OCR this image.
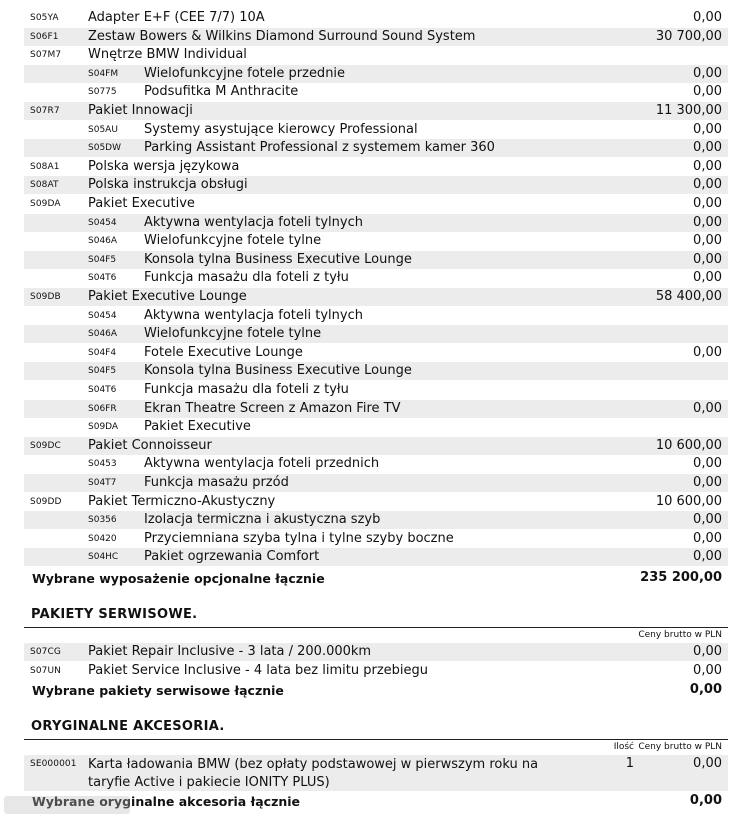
S05YA Adapter E+F (CEE 7/7) 10A	0,00
S06F1 Zestaw Bowers & Wilkins Diamond Surround Sound System	30 700,00
S07M7 Wnętrze BMW Individual
S04FM Wielofunkcyjne fotele przednie	0,00
S0775 Podsufitka M Anthracite	0,00
S07R7 Pakiet Innowacji	11 300,00
S05AU Systemy asystujące kierowcy Professional	0,00
S05DW Parking Assistant Professional z systemem kamer 360	0,00
S08A1 Polska wersja językowa	0,00
S08AT Polska instrukcja obsługi	0,00
S09DA Pakiet Executive	0,00
S0454 Aktywna wentylacja foteli tylnych	0,00
S046A Wielofunkcyjne fotele tylne	0,00
S04F5 Konsola tylna Business Executive Lounge	0,00
S04T6 Funkcja masażu dla foteli z tyłu	0,00
S09DB Pakiet Executive Lounge	58 400,00
S0454 Aktywna wentylacja foteli tylnych
S046A Wielofunkcyjne fotele tylne
S04F4 Fotele Executive Lounge	0,00
S04F5 Konsola tylna Business Executive Lounge
S04T6 Funkcja masażu dla foteli z tyłu
S06FR Ekran Theatre Screen z Amazon Fire TV	0,00
S09DA Pakiet Executive
S09DC Pakiet Connoisseur	10 600,00
S0453 Aktywna wentylacja foteli przednich	0,00
S04T7 Funkcja masażu przód	0,00
S09DD Pakiet Termiczno-Akustyczny	10 600,00
S0356 Izolacja termiczna i akustyczna szyb	0,00
S0420 Przyciemniana szyba tylna i tylne szyby boczne	0,00
S04HC Pakiet ogrzewania Comfort	0,00
Wybrane wyposażenie opcjonalne łącznie	235 200,00
PAKIETY SERWISOWE.
Ceny brutto w PLN
S07CG Pakiet Repair Inclusive - 3 lata / 200.000km	0,00
S07UN Pakiet Service Inclusive - 4 lata bez limitu przebiegu	0,00
Wybrane pakiety serwisowe łącznie	0,00
ORYGINALNE AKCESORIA.
Ilość Ceny brutto w PLN
SE000001 Karta ładowania BMW (bez opłaty podstawowej w pierwszym roku na taryfie Active i pakiecie IONITY PLUS)
1	0,00
Wybrane oryginalne akcesoria łącznie	0,00
